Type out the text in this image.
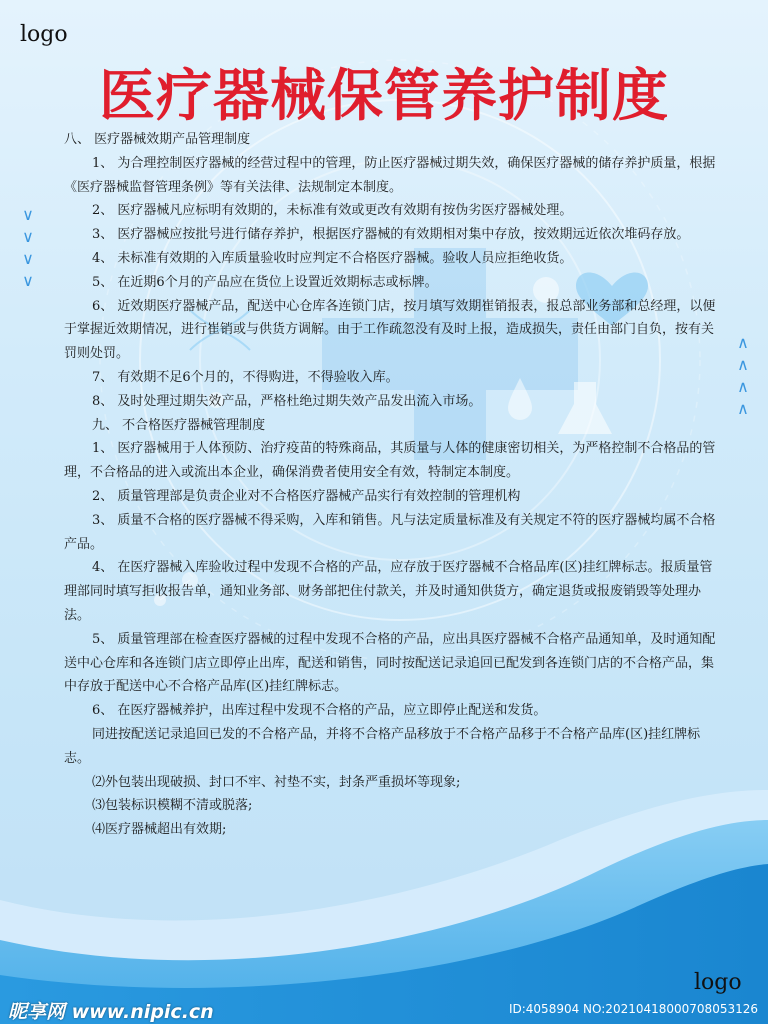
∨
∨
∨
∨
∧
∧
∧
∧
logo
医疗器械保管养护制度

八、 医疗器械效期产品管理制度

1、 为合理控制医疗器械的经营过程中的管理，防止医疗器械过期失效，确保医疗器械的储存养护质量，根据《医疗器械监督管理条例》等有关法律、法规制定本制度。

2、 医疗器械凡应标明有效期的，未标准有效或更改有效期有按伪劣医疗器械处理。

3、 医疗器械应按批号进行储存养护，根据医疗器械的有效期相对集中存放，按效期远近依次堆码存放。

4、 未标准有效期的入库质量验收时应判定不合格医疗器械。验收人员应拒绝收货。

5、 在近期6个月的产品应在货位上设置近效期标志或标牌。

6、 近效期医疗器械产品，配送中心仓库各连锁门店，按月填写效期崔销报表，报总部业务部和总经理，以便于掌握近效期情况，进行崔销或与供货方调解。由于工作疏忽没有及时上报，造成损失，责任由部门自负，按有关罚则处罚。

7、 有效期不足6个月的，不得购进，不得验收入库。

8、 及时处理过期失效产品，严格杜绝过期失效产品发出流入市场。

九、 不合格医疗器械管理制度

1、 医疗器械用于人体预防、治疗疫苗的特殊商品，其质量与人体的健康密切相关，为严格控制不合格品的管理，不合格品的进入或流出本企业，确保消费者使用安全有效，特制定本制度。

2、 质量管理部是负责企业对不合格医疗器械产品实行有效控制的管理机构

3、 质量不合格的医疗器械不得采购，入库和销售。凡与法定质量标准及有关规定不符的医疗器械均属不合格产品。

4、 在医疗器械入库验收过程中发现不合格的产品，应存放于医疗器械不合格品库(区)挂红牌标志。报质量管理部同时填写拒收报告单，通知业务部、财务部把住付款关，并及时通知供货方，确定退货或报废销毁等处理办法。

5、 质量管理部在检查医疗器械的过程中发现不合格的产品，应出具医疗器械不合格产品通知单，及时通知配送中心仓库和各连锁门店立即停止出库，配送和销售，同时按配送记录追回已配发到各连锁门店的不合格产品，集中存放于配送中心不合格产品库(区)挂红牌标志。

6、 在医疗器械养护，出库过程中发现不合格的产品，应立即停止配送和发货。

同进按配送记录追回已发的不合格产品，并将不合格产品移放于不合格产品移于不合格产品库(区)挂红牌标志。

⑵外包装出现破损、封口不牢、衬垫不实，封条严重损坏等现象;

⑶包装标识模糊不清或脱落;

⑷医疗器械超出有效期;

logo
昵享网 www.nipic.cn	ID:4058904 NO:20210418000708053126
